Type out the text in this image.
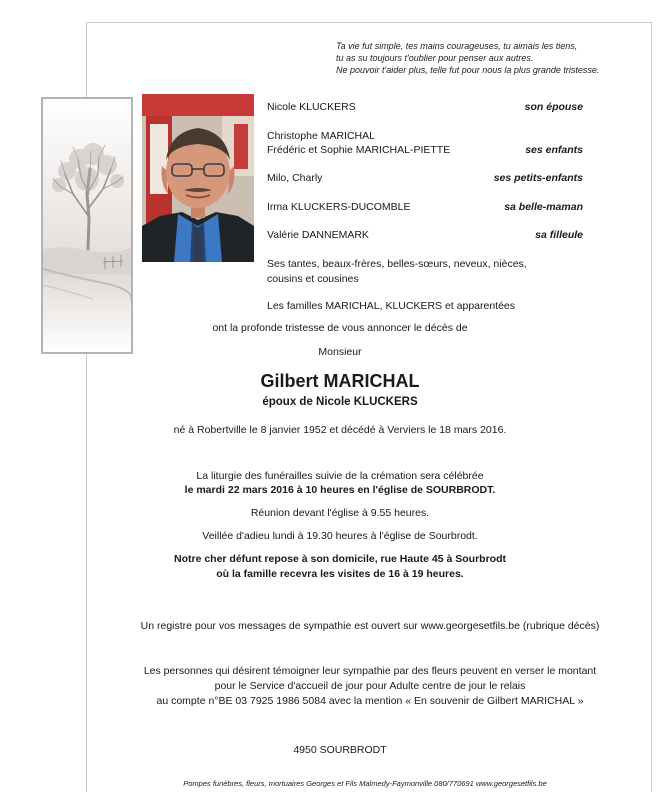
Ta vie fut simple, tes mains courageuses, tu aimais les tiens,
tu as su toujours t'oublier pour penser aux autres.
Ne pouvoir t'aider plus, telle fut pour nous la plus grande tristesse.
Nicole KLUCKERS	son épouse
Christophe MARICHAL
Frédéric et Sophie MARICHAL-PIETTE	ses enfants
Milo, Charly	ses petits-enfants
Irma KLUCKERS-DUCOMBLE	sa belle-maman
Valérie DANNEMARK	sa filleule
Ses tantes, beaux-frères, belles-sœurs, neveux, nièces,
cousins et cousines
Les familles MARICHAL, KLUCKERS et apparentées
ont la profonde tristesse de vous annoncer le décès de
Monsieur
Gilbert MARICHAL
époux de Nicole KLUCKERS
né à Robertville le 8 janvier 1952 et décédé à Verviers le 18 mars 2016.
La liturgie des funérailles suivie de la crémation sera célébrée
le mardi 22 mars 2016 à 10 heures en l'église de SOURBRODT.
Réunion devant l'église à 9.55 heures.
Veillée d'adieu lundi à 19.30 heures à l'église de Sourbrodt.
Notre cher défunt repose à son domicile, rue Haute 45 à Sourbrodt
où la famille recevra les visites de 16 à 19 heures.
Un registre pour vos messages de sympathie est ouvert sur www.georgesetfils.be (rubrique décès)
Les personnes qui désirent témoigner leur sympathie par des fleurs peuvent en verser le montant
pour le Service d'accueil de jour pour Adulte centre de jour le relais
au compte n°BE 03 7925 1986 5084 avec la mention « En souvenir de Gilbert MARICHAL »
4950 SOURBRODT
Pompes funèbres, fleurs, mortuaires Georges et Fils Malmedy-Faymonville 080/770691 www.georgesetfils.be
